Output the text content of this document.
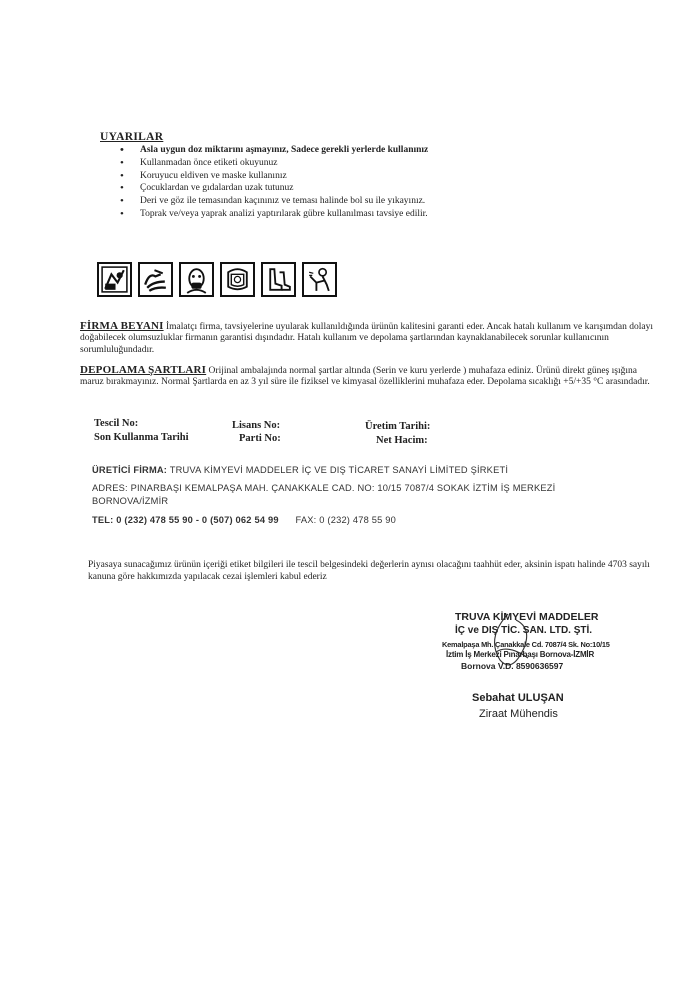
UYARILAR
• Asla uygun doz miktarını aşmayınız, Sadece gerekli yerlerde kullanınız
• Kullanmadan önce etiketi okuyunuz
• Koruyucu eldiven ve maske kullanınız
• Çocuklardan ve gıdalardan uzak tutunuz
• Deri ve göz ile temasından kaçınınız ve teması halinde bol su ile yıkayınız.
• Toprak ve/veya yaprak analizi yaptırılarak gübre kullanılması tavsiye edilir.
FİRMA BEYANI İmalatçı firma, tavsiyelerine uyularak kullanıldığında ürünün kalitesini garanti eder. Ancak hatalı kullanım ve karışımdan dolayı doğabilecek olumsuzluklar firmanın garantisi dışındadır. Hatalı kullanım ve depolama şartlarından kaynaklanabilecek sorunlar kullanıcının sorumluluğundadır.
DEPOLAMA ŞARTLARI Orijinal ambalajında normal şartlar altında (Serin ve kuru yerlerde ) muhafaza ediniz. Ürünü direkt güneş ışığına maruz bırakmayınız. Normal Şartlarda en az 3 yıl süre ile fiziksel ve kimyasal özelliklerini muhafaza eder. Depolama sıcaklığı +5/+35 °C arasındadır.
Tescil No:	Lisans No:	Üretim Tarihi:
Son Kullanma Tarihi	Parti No:	Net Hacim:
ÜRETİCİ FİRMA: TRUVA KİMYEVİ MADDELER İÇ VE DIŞ TİCARET SANAYİ LİMİTED ŞİRKETİ
ADRES: PINARBAŞI KEMALPAŞA MAH. ÇANAKKALE CAD. NO: 10/15 7087/4 SOKAK İZTİM İŞ MERKEZİ
BORNOVA/İZMİR
TEL: 0 (232) 478 55 90 - 0 (507) 062 54 99 FAX: 0 (232) 478 55 90
Piyasaya sunacağımız ürünün içeriği etiket bilgileri ile tescil belgesindeki değerlerin aynısı olacağını taahhüt eder, aksinin ispatı halinde 4703 sayılı kanuna göre hakkımızda yapılacak cezai işlemleri kabul ederiz
TRUVA KİMYEVİ MADDELER
İÇ ve DIŞ TİC. SAN. LTD. ŞTİ.
Kemalpaşa Mh. Çanakkale Cd. 7087/4 Sk. No:10/15
İztim İş Merkezi Pınarbaşı Bornova-İZMİR
Bornova V.D. 8590636597
Sebahat ULUŞAN
Ziraat Mühendis
